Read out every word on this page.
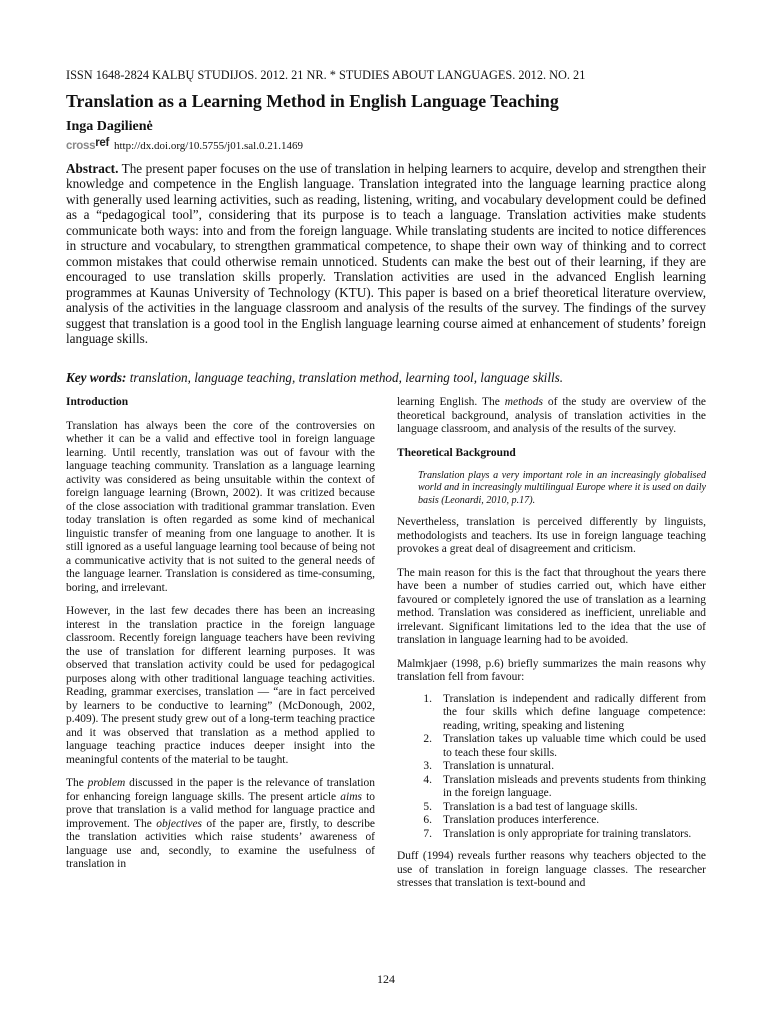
ISSN 1648-2824 KALBŲ STUDIJOS. 2012. 21 NR. * STUDIES ABOUT LANGUAGES. 2012. NO. 21
Translation as a Learning Method in English Language Teaching
Inga Dagilienė
crossref http://dx.doi.org/10.5755/j01.sal.0.21.1469

Abstract. The present paper focuses on the use of translation in helping learners to acquire, develop and strengthen their knowledge and competence in the English language. Translation integrated into the language learning practice along with generally used learning activities, such as reading, listening, writing, and vocabulary development could be defined as a “pedagogical tool”, considering that its purpose is to teach a language. Translation activities make students communicate both ways: into and from the foreign language. While translating students are incited to notice differences in structure and vocabulary, to strengthen grammatical competence, to shape their own way of thinking and to correct common mistakes that could otherwise remain unnoticed. Students can make the best out of their learning, if they are encouraged to use translation skills properly. Translation activities are used in the advanced English learning programmes at Kaunas University of Technology (KTU). This paper is based on a brief theoretical literature overview, analysis of the activities in the language classroom and analysis of the results of the survey. The findings of the survey suggest that translation is a good tool in the English language learning course aimed at enhancement of students’ foreign language skills.

Key words: translation, language teaching, translation method, learning tool, language skills.

Introduction

Translation has always been the core of the controversies on whether it can be a valid and effective tool in foreign language learning. Until recently, translation was out of favour with the language teaching community. Translation as a language learning activity was considered as being unsuitable within the context of foreign language learning (Brown, 2002). It was critized because of the close association with traditional grammar translation. Even today translation is often regarded as some kind of mechanical linguistic transfer of meaning from one language to another. It is still ignored as a useful language learning tool because of being not a communicative activity that is not suited to the general needs of the language learner. Translation is considered as time-consuming, boring, and irrelevant.

However, in the last few decades there has been an increasing interest in the translation practice in the foreign language classroom. Recently foreign language teachers have been reviving the use of translation for different learning purposes. It was observed that translation activity could be used for pedagogical purposes along with other traditional language teaching activities. Reading, grammar exercises, translation — “are in fact perceived by learners to be conductive to learning” (McDonough, 2002, p.409). The present study grew out of a long-term teaching practice and it was observed that translation as a method applied to language teaching practice induces deeper insight into the meaningful contents of the material to be taught.

The problem discussed in the paper is the relevance of translation for enhancing foreign language skills. The present article aims to prove that translation is a valid method for language practice and improvement. The objectives of the paper are, firstly, to describe the translation activities which raise students’ awareness of language use and, secondly, to examine the usefulness of translation in

learning English. The methods of the study are overview of the theoretical background, analysis of translation activities in the language classroom, and analysis of the results of the survey.

Theoretical Background
Translation plays a very important role in an increasingly globalised world and in increasingly multilingual Europe where it is used on daily basis (Leonardi, 2010, p.17).

Nevertheless, translation is perceived differently by linguists, methodologists and teachers. Its use in foreign language teaching provokes a great deal of disagreement and criticism.

The main reason for this is the fact that throughout the years there have been a number of studies carried out, which have either favoured or completely ignored the use of translation as a learning method. Translation was considered as inefficient, unreliable and irrelevant. Significant limitations led to the idea that the use of translation in language learning had to be avoided.

Malmkjaer (1998, p.6) briefly summarizes the main reasons why translation fell from favour:

1. Translation is independent and radically different from the four skills which define language competence: reading, writing, speaking and listening
2. Translation takes up valuable time which could be used to teach these four skills.
3. Translation is unnatural.
4. Translation misleads and prevents students from thinking in the foreign language.
5. Translation is a bad test of language skills.
6. Translation produces interference.
7. Translation is only appropriate for training translators.

Duff (1994) reveals further reasons why teachers objected to the use of translation in foreign language classes. The researcher stresses that translation is text-bound and

124
